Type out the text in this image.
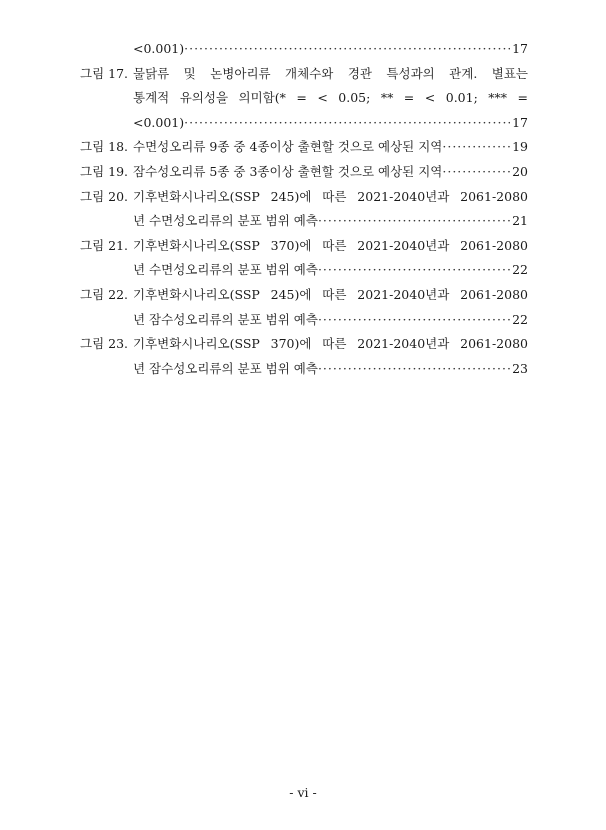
<0.001) ·····	17
그림 17. 물닭류 및 논병아리류 개체수와 경관 특성과의 관계. 별표는
통계적 유의성을 의미함(* = < 0.05; ** = < 0.01; *** =
<0.001) ·····	17
그림 18. 수면성오리류 9종 중 4종이상 출현할 것으로 예상된 지역 ·····	19
그림 19. 잠수성오리류 5종 중 3종이상 출현할 것으로 예상된 지역 ·····	20
그림 20. 기후변화시나리오(SSP 245)에 따른 2021-2040년과 2061-2080
년 수면성오리류의 분포 범위 예측 ·····	21
그림 21. 기후변화시나리오(SSP 370)에 따른 2021-2040년과 2061-2080
년 수면성오리류의 분포 범위 예측 ·····	22
그림 22. 기후변화시나리오(SSP 245)에 따른 2021-2040년과 2061-2080
년 잠수성오리류의 분포 범위 예측 ·····	22
그림 23. 기후변화시나리오(SSP 370)에 따른 2021-2040년과 2061-2080
년 잠수성오리류의 분포 범위 예측 ·····	23
- vi -
